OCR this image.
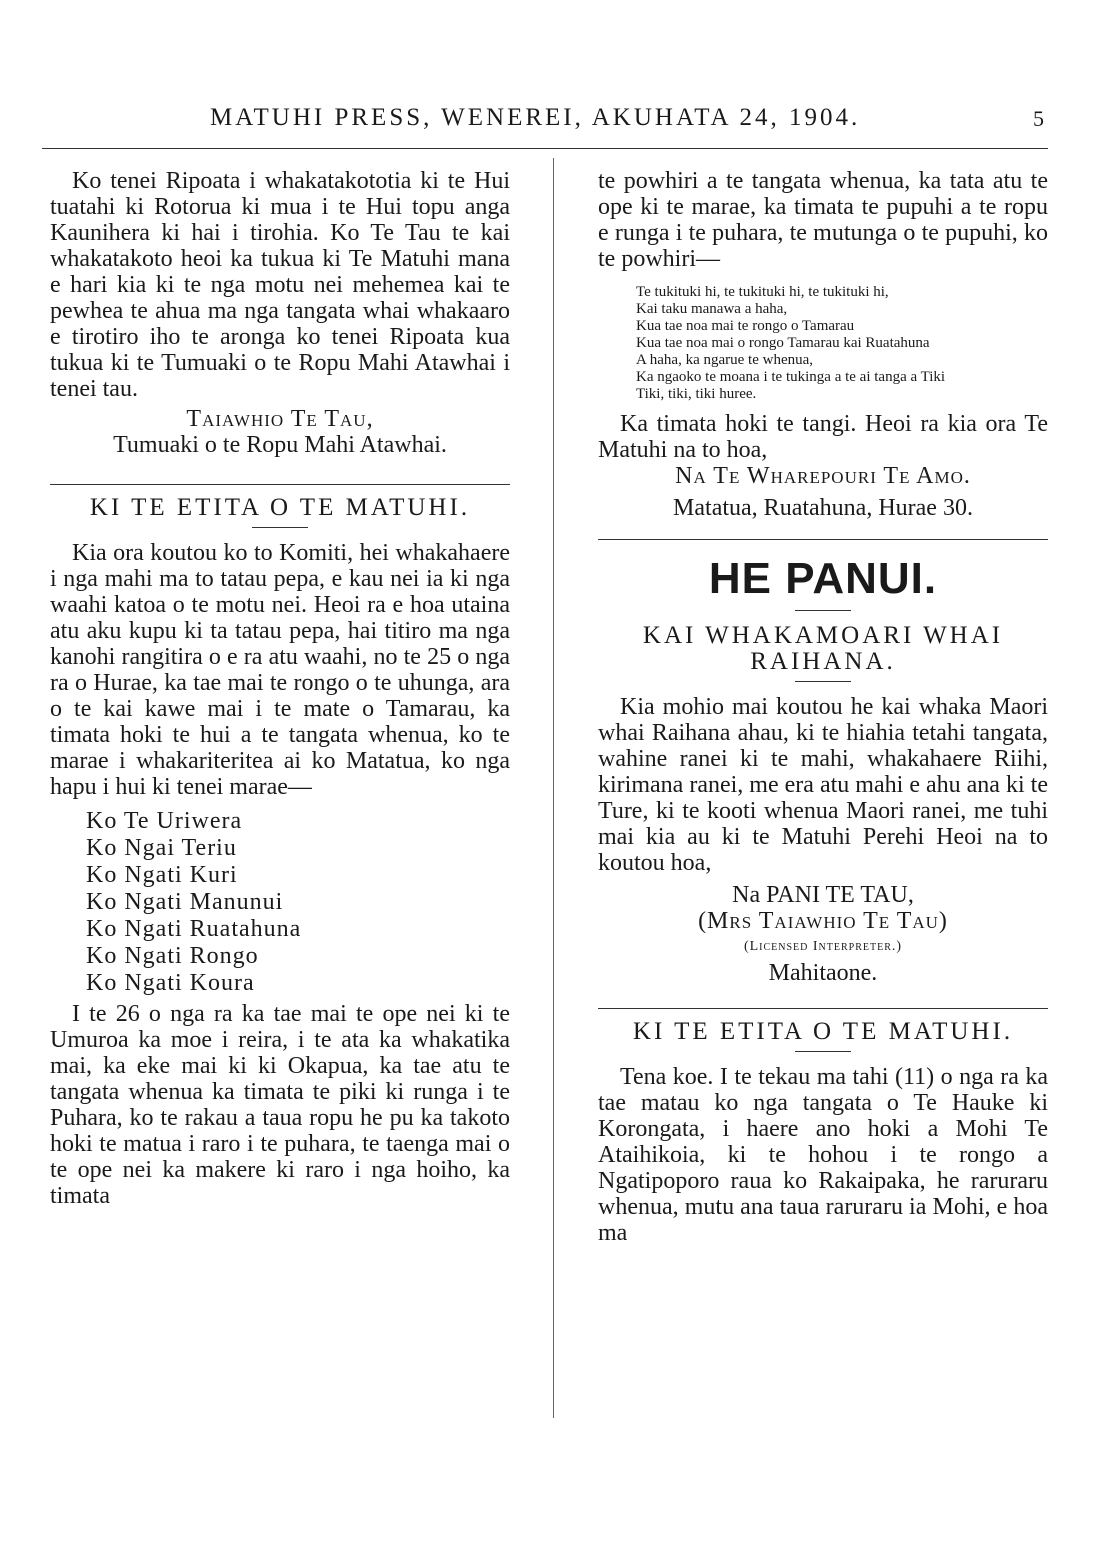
MATUHI PRESS, WENEREI, AKUHATA 24, 1904.	5

Ko tenei Ripoata i whakatakototia ki te Hui tuatahi ki Rotorua ki mua i te Hui topu anga Kaunihera ki hai i tirohia. Ko Te Tau te kai whakatakoto heoi ka tukua ki Te Matuhi mana e hari kia ki te nga motu nei mehemea kai te pewhea te ahua ma nga tangata whai whakaaro e tirotiro iho te aronga ko tenei Ripoata kua tukua ki te Tumuaki o te Ropu Mahi Atawhai i tenei tau.

Taiawhio Te Tau,

Tumuaki o te Ropu Mahi Atawhai.

KI TE ETITA O TE MATUHI.

Kia ora koutou ko to Komiti, hei whakahaere i nga mahi ma to tatau pepa, e kau nei ia ki nga waahi katoa o te motu nei. Heoi ra e hoa utaina atu aku kupu ki ta tatau pepa, hai titiro ma nga kanohi rangitira o e ra atu waahi, no te 25 o nga ra o Hurae, ka tae mai te rongo o te uhunga, ara o te kai kawe mai i te mate o Tamarau, ka timata hoki te hui a te tangata whenua, ko te marae i whakariteritea ai ko Matatua, ko nga hapu i hui ki tenei marae—

Ko Te Uriwera
Ko Ngai Teriu
Ko Ngati Kuri
Ko Ngati Manunui
Ko Ngati Ruatahuna
Ko Ngati Rongo
Ko Ngati Koura

I te 26 o nga ra ka tae mai te ope nei ki te Umuroa ka moe i reira, i te ata ka whakatika mai, ka eke mai ki ki Okapua, ka tae atu te tangata whenua ka timata te piki ki runga i te Puhara, ko te rakau a taua ropu he pu ka takoto hoki te matua i raro i te puhara, te taenga mai o te ope nei ka makere ki raro i nga hoiho, ka timata

te powhiri a te tangata whenua, ka tata atu te ope ki te marae, ka timata te pupuhi a te ropu e runga i te puhara, te mutunga o te pupuhi, ko te powhiri—

Te tukituki hi, te tukituki hi, te tukituki hi,
Kai taku manawa a haha,
Kua tae noa mai te rongo o Tamarau
Kua tae noa mai o rongo Tamarau kai Ruatahuna
A haha, ka ngarue te whenua,
Ka ngaoko te moana i te tukinga a te ai tanga a Tiki
Tiki, tiki, tiki huree.

Ka timata hoki te tangi. Heoi ra kia ora Te Matuhi na to hoa,

Na Te Wharepouri Te Amo.

Matatua, Ruatahuna, Hurae 30.

HE PANUI.
KAI WHAKAMOARI WHAI RAIHANA.

Kia mohio mai koutou he kai whaka Maori whai Raihana ahau, ki te hiahia tetahi tangata, wahine ranei ki te mahi, whakahaere Riihi, kirimana ranei, me era atu mahi e ahu ana ki te Ture, ki te kooti whenua Maori ranei, me tuhi mai kia au ki te Matuhi Perehi Heoi na to koutou hoa,

Na PANI TE TAU,

(Mrs Taiawhio Te Tau)

(Licensed Interpreter.)

Mahitaone.

KI TE ETITA O TE MATUHI.

Tena koe. I te tekau ma tahi (11) o nga ra ka tae matau ko nga tangata o Te Hauke ki Korongata, i haere ano hoki a Mohi Te Ataihikoia, ki te hohou i te rongo a Ngatipoporo raua ko Rakaipaka, he raruraru whenua, mutu ana taua raruraru ia Mohi, e hoa ma
